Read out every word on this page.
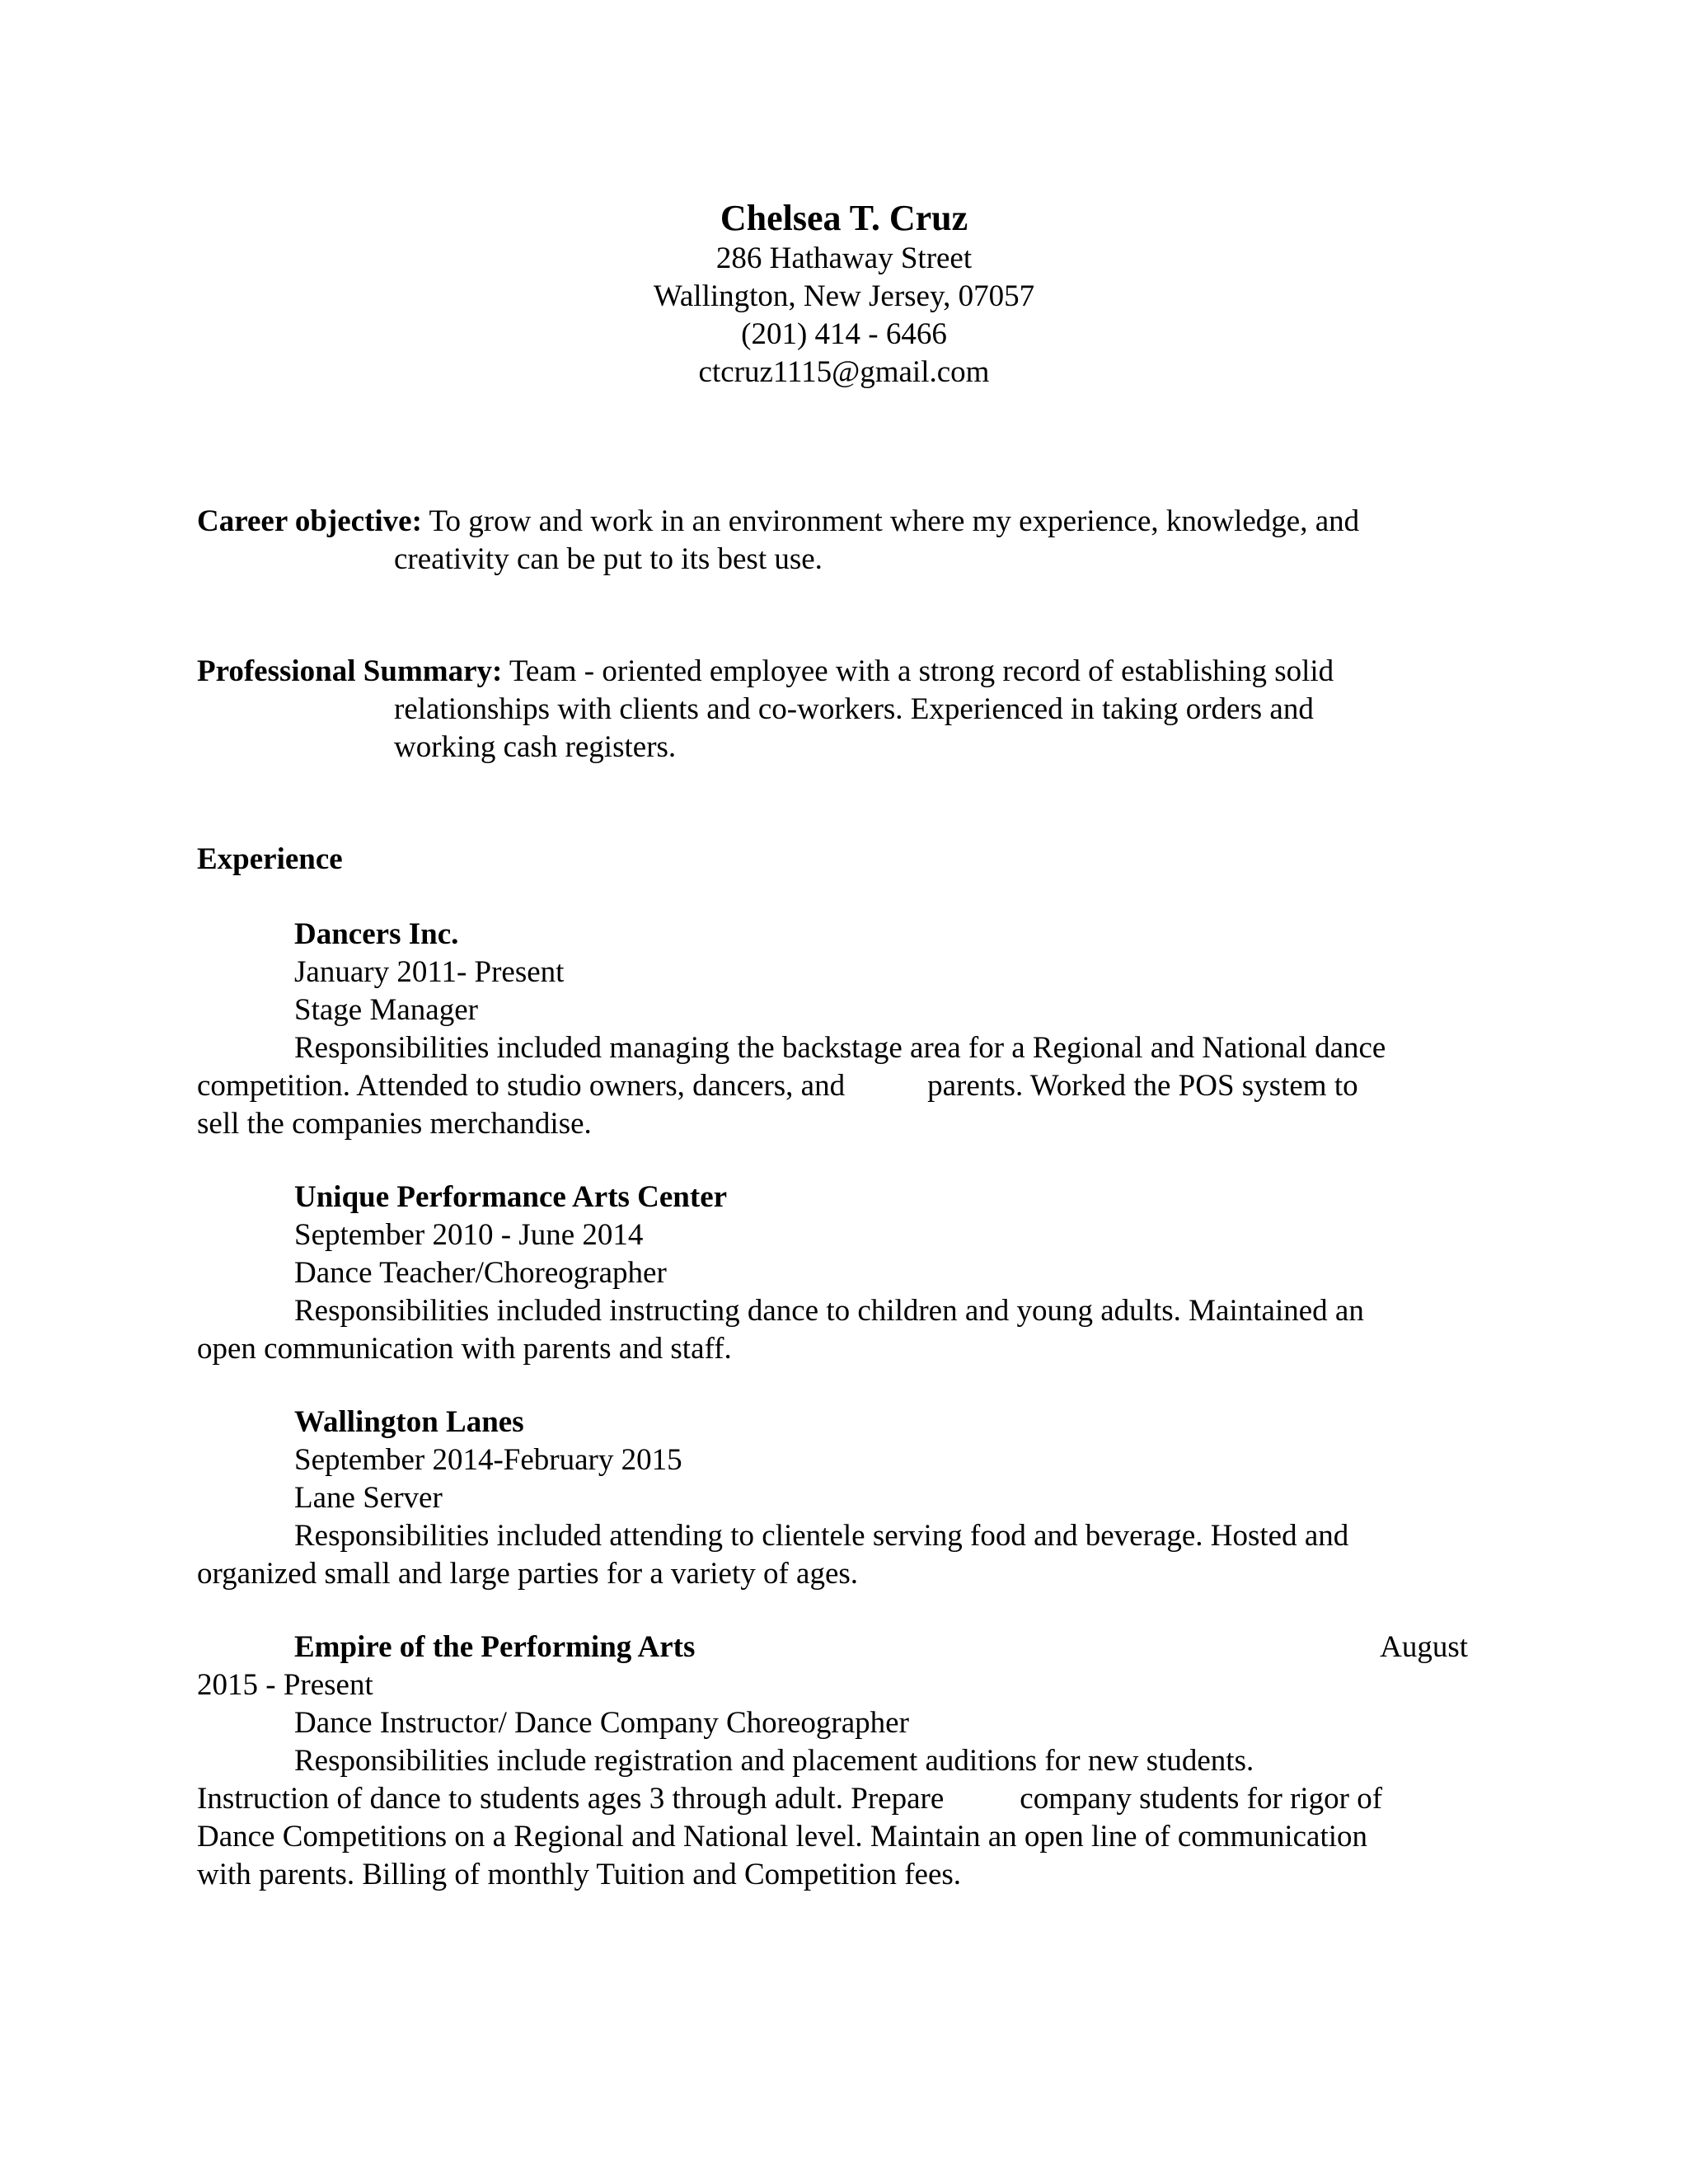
Chelsea T. Cruz
286 Hathaway Street
Wallington, New Jersey, 07057
(201) 414 - 6466
ctcruz1115@gmail.com
Career objective: To grow and work in an environment where my experience, knowledge, and
creativity can be put to its best use.
Professional Summary: Team - oriented employee with a strong record of establishing solid
relationships with clients and co-workers. Experienced in taking orders and
working cash registers.
Experience
Dancers Inc.
January 2011- Present
Stage Manager
Responsibilities included managing the backstage area for a Regional and National dance
competition. Attended to studio owners, dancers, and	parents. Worked the POS system to
sell the companies merchandise.
Unique Performance Arts Center
September 2010 - June 2014
Dance Teacher/Choreographer
Responsibilities included instructing dance to children and young adults. Maintained an
open communication with parents and staff.
Wallington Lanes
September 2014-February 2015
Lane Server
Responsibilities included attending to clientele serving food and beverage. Hosted and
organized small and large parties for a variety of ages.
Empire of the Performing Arts	August
2015 - Present
Dance Instructor/ Dance Company Choreographer
Responsibilities include registration and placement auditions for new students.
Instruction of dance to students ages 3 through adult. Prepare company students for rigor of
Dance Competitions on a Regional and National level. Maintain an open line of communication
with parents. Billing of monthly Tuition and Competition fees.
